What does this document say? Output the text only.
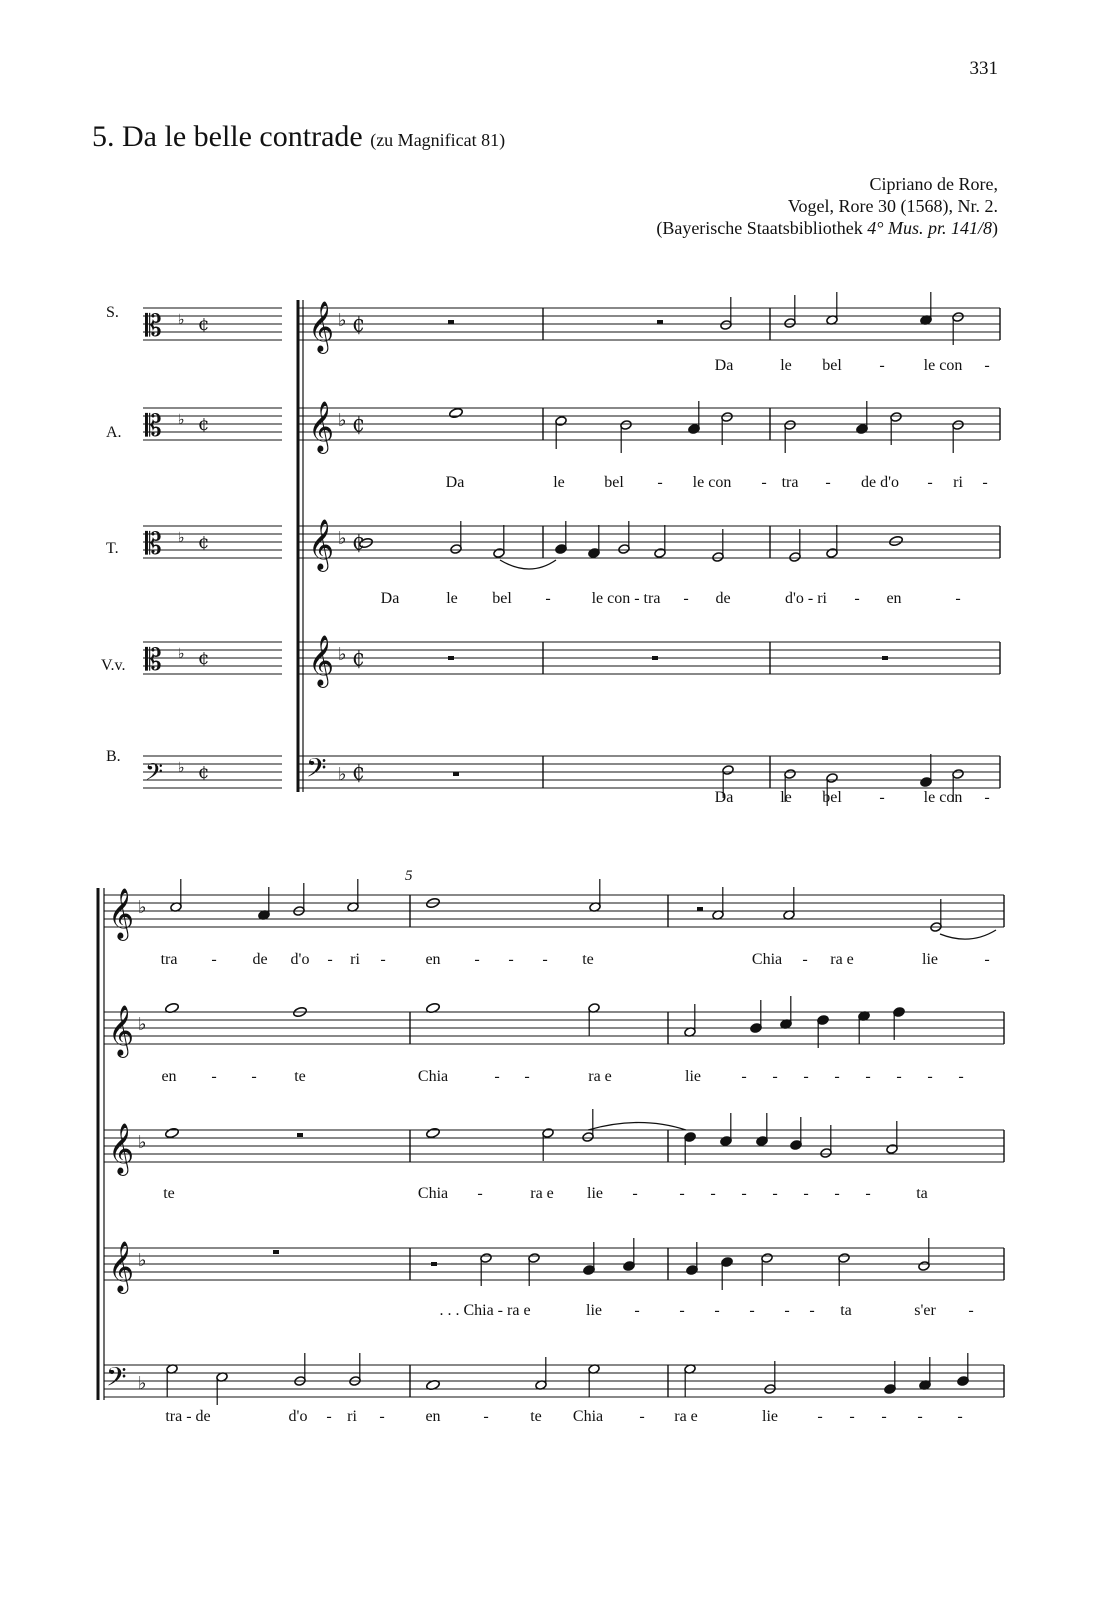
331
5. Da le belle contrade (zu Magnificat 81)
Cipriano de Rore,
Vogel, Rore 30 (1568), Nr. 2.
(Bayerische Staatsbibliothek 4° Mus. pr. 141/8)
S.
A.
T.
V.v.
B.
5
𝄞 ♭ ₵
𝄡 ♭ ¢
𝄞 ♭ ₵
𝄡 ♭ ¢
𝄞 ♭ ₵
𝄡 ♭ ¢
𝄞 ♭ ₵
𝄡 ♭ ¢
𝄢 ♭ ₵
𝄢 ♭ ¢
𝄞 ♭
𝄞 ♭
𝄞 ♭
𝄞 ♭
𝄢 ♭
Da	le bel - le con -
Da	le bel - le con - tra - de d'o - ri -
Da	le bel -	le con - tra - de	d'o - ri - en	-
Da	le bel - le con -
tra - de d'o - ri - en - - - te	Chia - ra e	lie	-
en - - te	Chia	- -	ra e	lie	- - - - - - - -
te	Chia -	ra e lie -	- - - - - - -	ta
. . . Chia - ra e	lie - - - - - - ta	s'er -
tra - de	d'o - ri -	en	-	te Chia - ra e	lie - - - - -
